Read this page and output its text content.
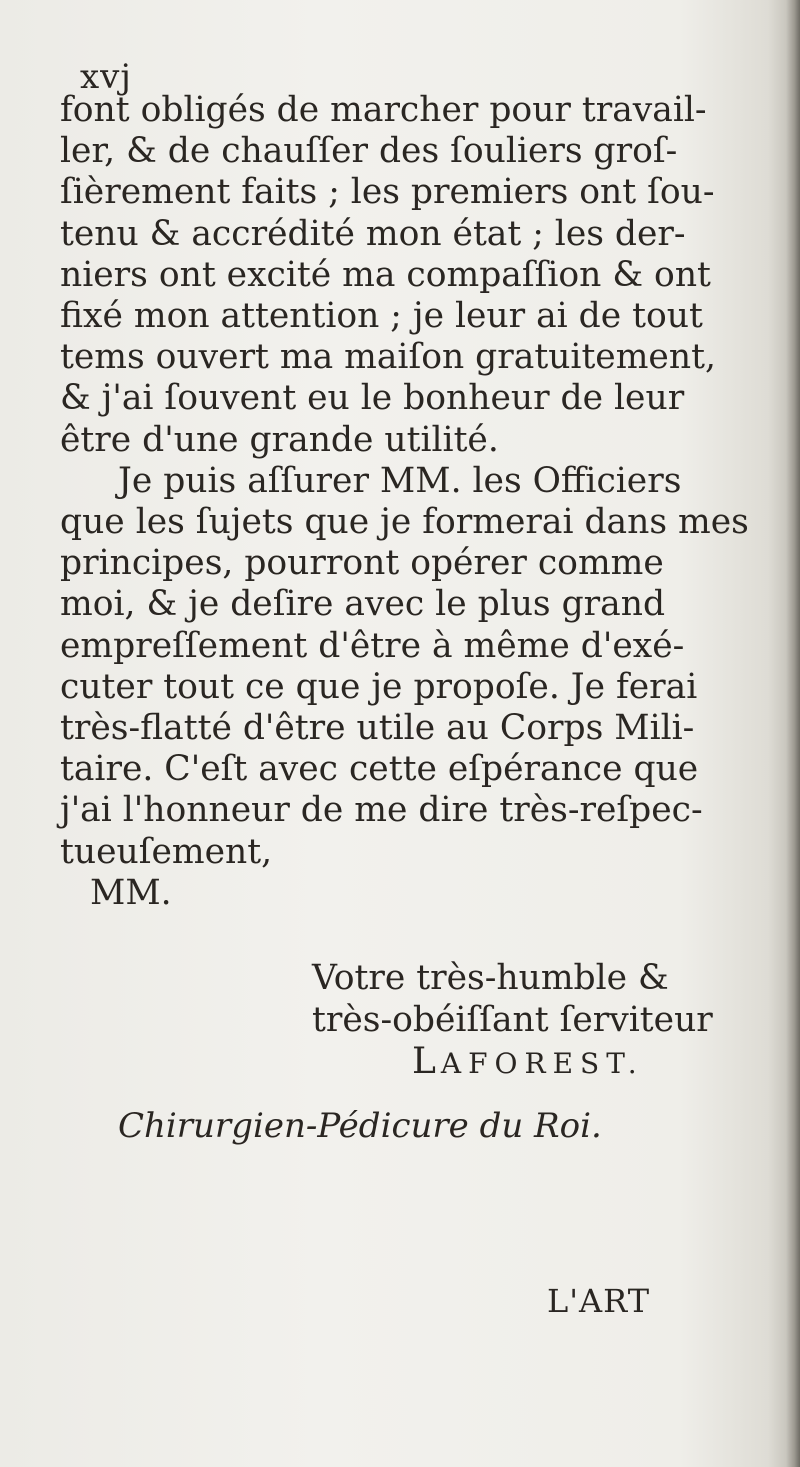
xvj
font obligés de marcher pour travail-
ler, & de chauſſer des ſouliers groſ-
ſièrement faits ; les premiers ont ſou-
tenu & accrédité mon état ; les der-
niers ont excité ma compaſſion & ont
fixé mon attention ; je leur ai de tout
tems ouvert ma maiſon gratuitement,
& j'ai ſouvent eu le bonheur de leur
être d'une grande utilité.
Je puis aſſurer MM. les Officiers
que les ſujets que je formerai dans mes
principes, pourront opérer comme
moi, & je deſire avec le plus grand
empreſſement d'être à même d'exé-
cuter tout ce que je propoſe. Je ferai
très-flatté d'être utile au Corps Mili-
taire. C'eſt avec cette eſpérance que
j'ai l'honneur de me dire très-reſpec-
tueuſement,
MM.
Votre très-humble &
très-obéiſſant ſerviteur
LAFOREST.
Chirurgien-Pédicure du Roi.
L'ART
